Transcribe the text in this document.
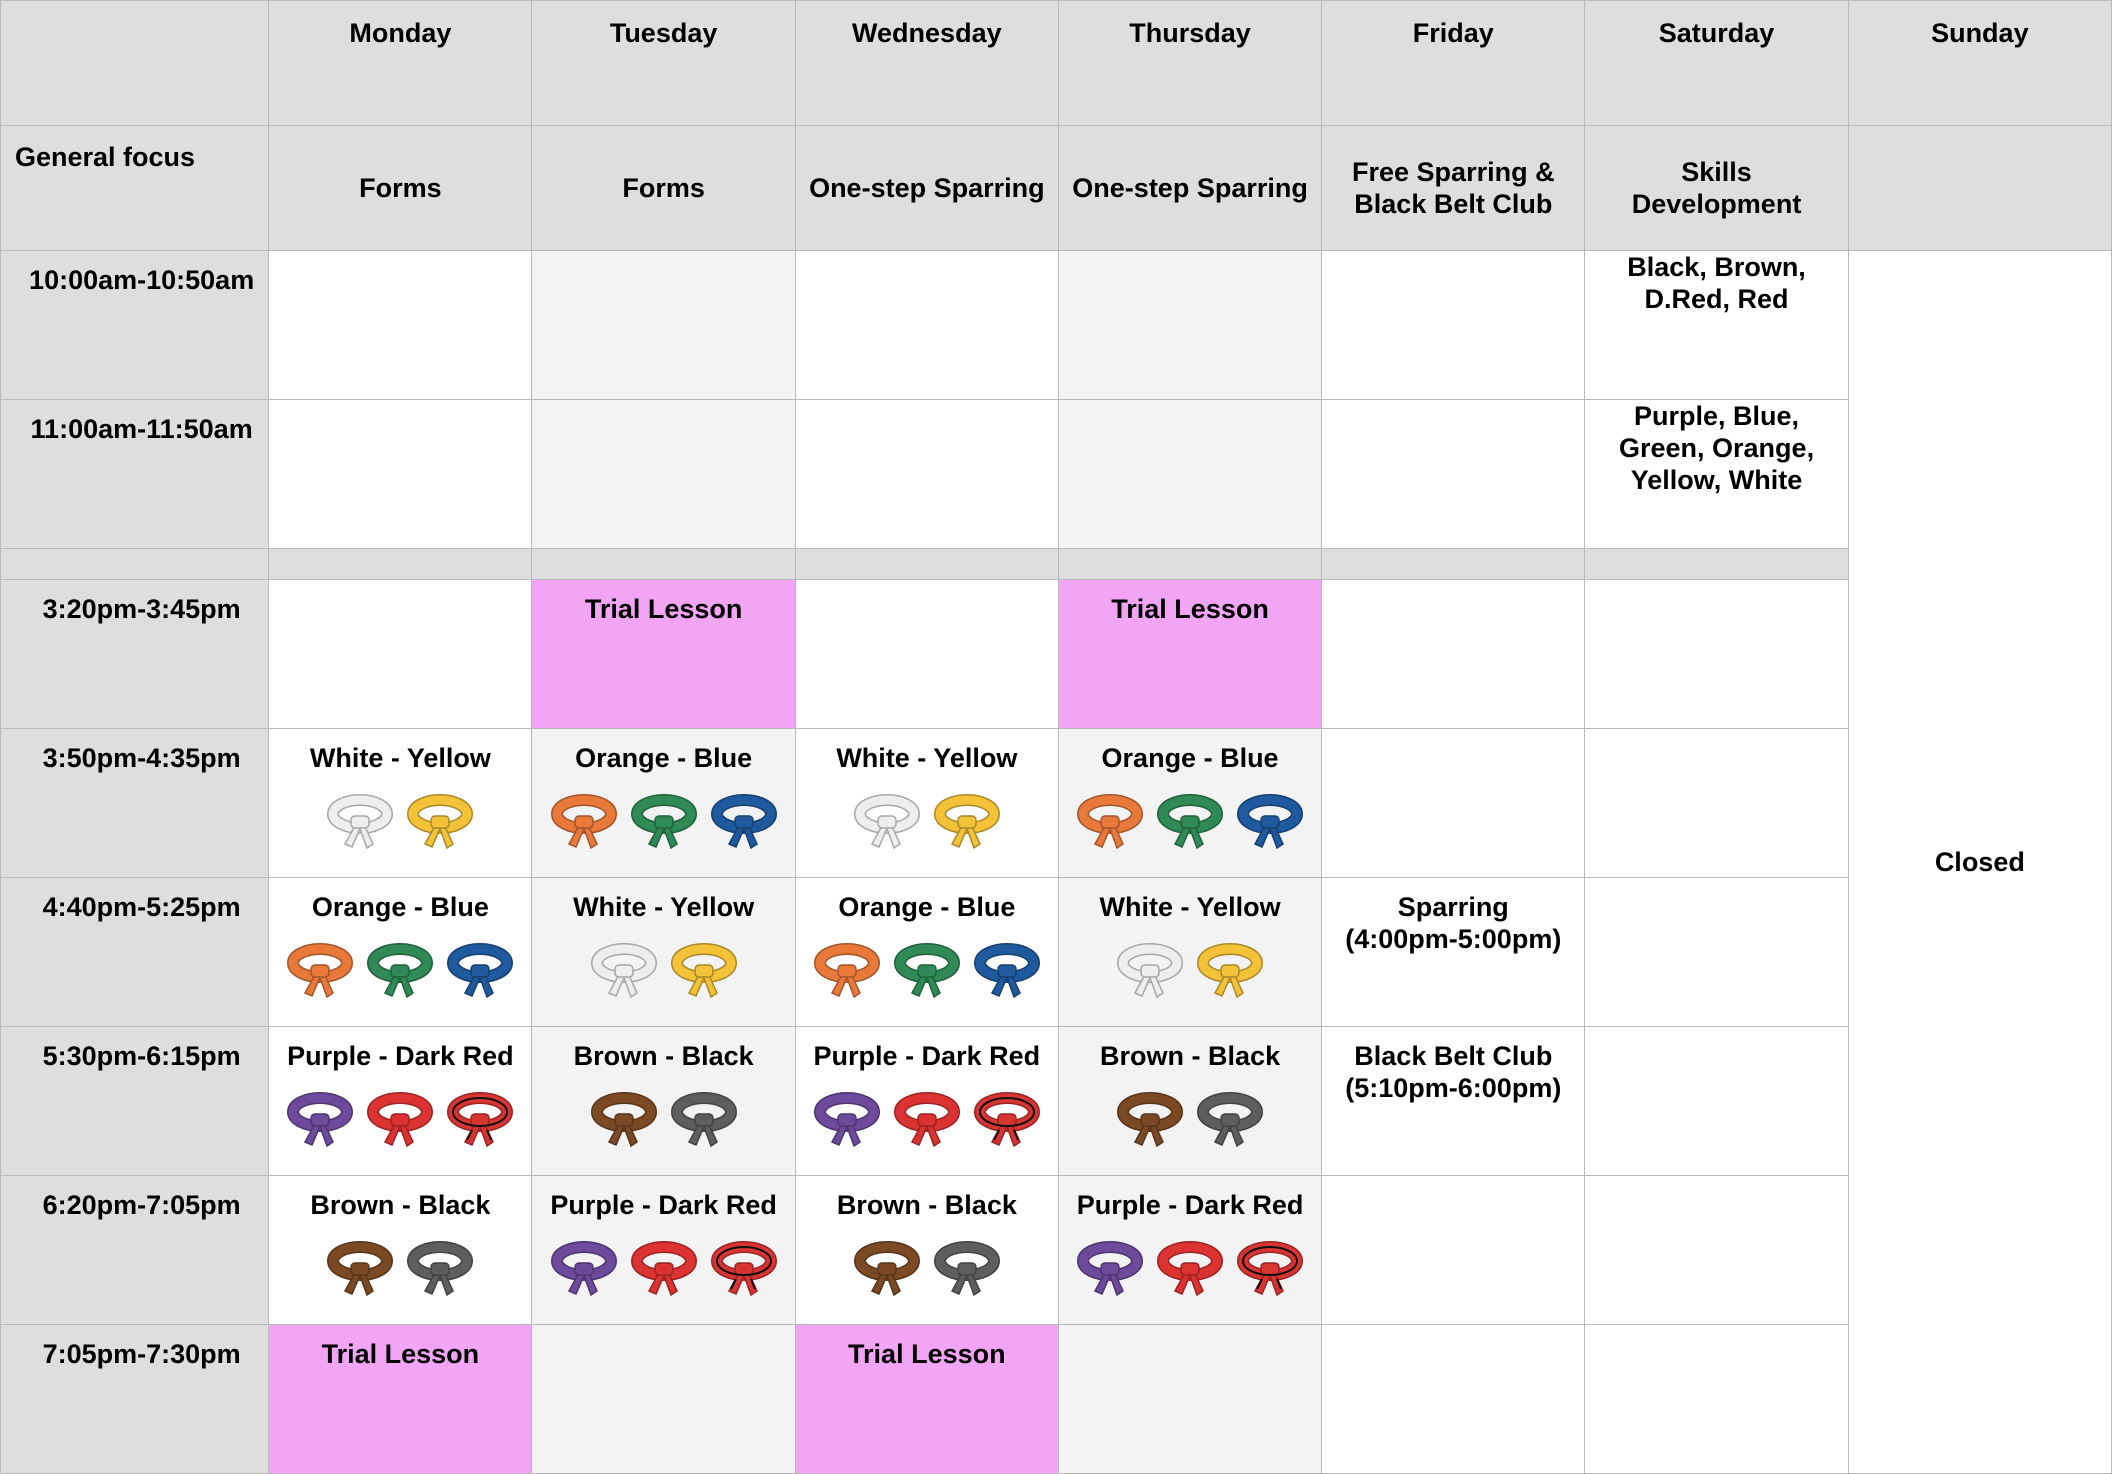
	Monday	Tuesday	Wednesday	Thursday	Friday	Saturday	Sunday
General focus	Forms	Forms	One-step Sparring	One-step Sparring	Free Sparring & Black Belt Club	Skills Development	

10:00am-10:50am						Black, Brown, D.Red, Red	Closed
11:00am-11:50am						Purple, Blue, Green, Orange, Yellow, White	

3:20pm-3:45pm		Trial Lesson		Trial Lesson			
3:50pm-4:35pm	White - Yellow	Orange - Blue	White - Yellow	Orange - Blue			

4:40pm-5:25pm	Orange - Blue	White - Yellow	Orange - Blue	White - Yellow	Sparring (4:00pm-5:00pm)		

5:30pm-6:15pm	Purple - Dark Red	Brown - Black	Purple - Dark Red	Brown - Black	Black Belt Club (5:10pm-6:00pm)		

6:20pm-7:05pm	Brown - Black	Purple - Dark Red	Brown - Black	Purple - Dark Red			

7:05pm-7:30pm	Trial Lesson		Trial Lesson				
